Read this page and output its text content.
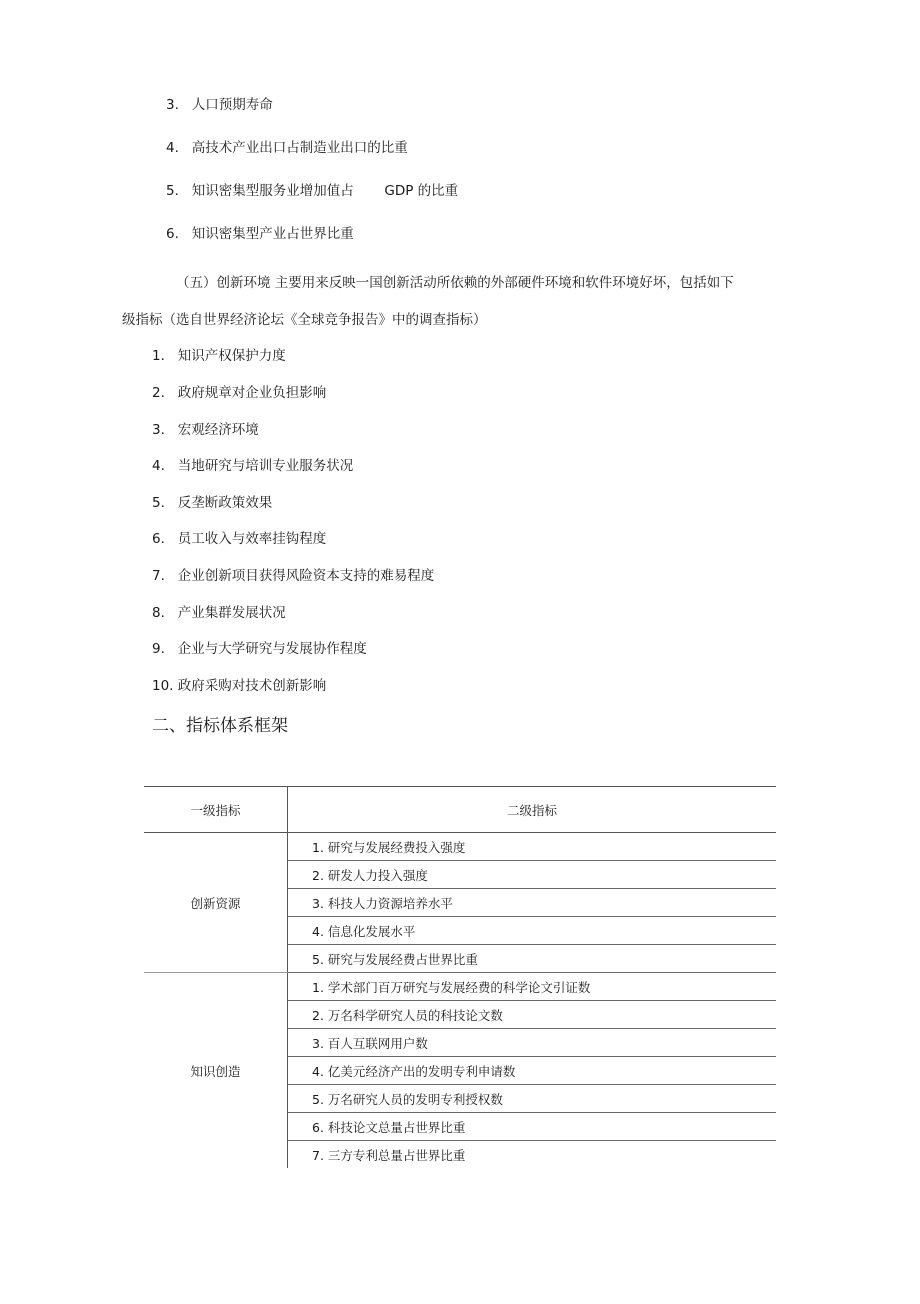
3. 人口预期寿命
4. 高技术产业出口占制造业出口的比重
5. 知识密集型服务业增加值占 GDP 的比重
6. 知识密集型产业占世界比重
（五）创新环境 主要用来反映一国创新活动所依赖的外部硬件环境和软件环境好坏，包括如下
级指标（选自世界经济论坛《全球竞争报告》中的调查指标）
1. 知识产权保护力度
2. 政府规章对企业负担影响
3. 宏观经济环境
4. 当地研究与培训专业服务状况
5. 反垄断政策效果
6. 员工收入与效率挂钩程度
7. 企业创新项目获得风险资本支持的难易程度
8. 产业集群发展状况
9. 企业与大学研究与发展协作程度
10. 政府采购对技术创新影响
二、指标体系框架
一级指标	二级指标
创新资源	1. 研究与发展经费投入强度
	2. 研发人力投入强度
	3. 科技人力资源培养水平
	4. 信息化发展水平
	5. 研究与发展经费占世界比重
知识创造	1. 学术部门百万研究与发展经费的科学论文引证数
	2. 万名科学研究人员的科技论文数
	3. 百人互联网用户数
	4. 亿美元经济产出的发明专利申请数
	5. 万名研究人员的发明专利授权数
	6. 科技论文总量占世界比重
	7. 三方专利总量占世界比重
